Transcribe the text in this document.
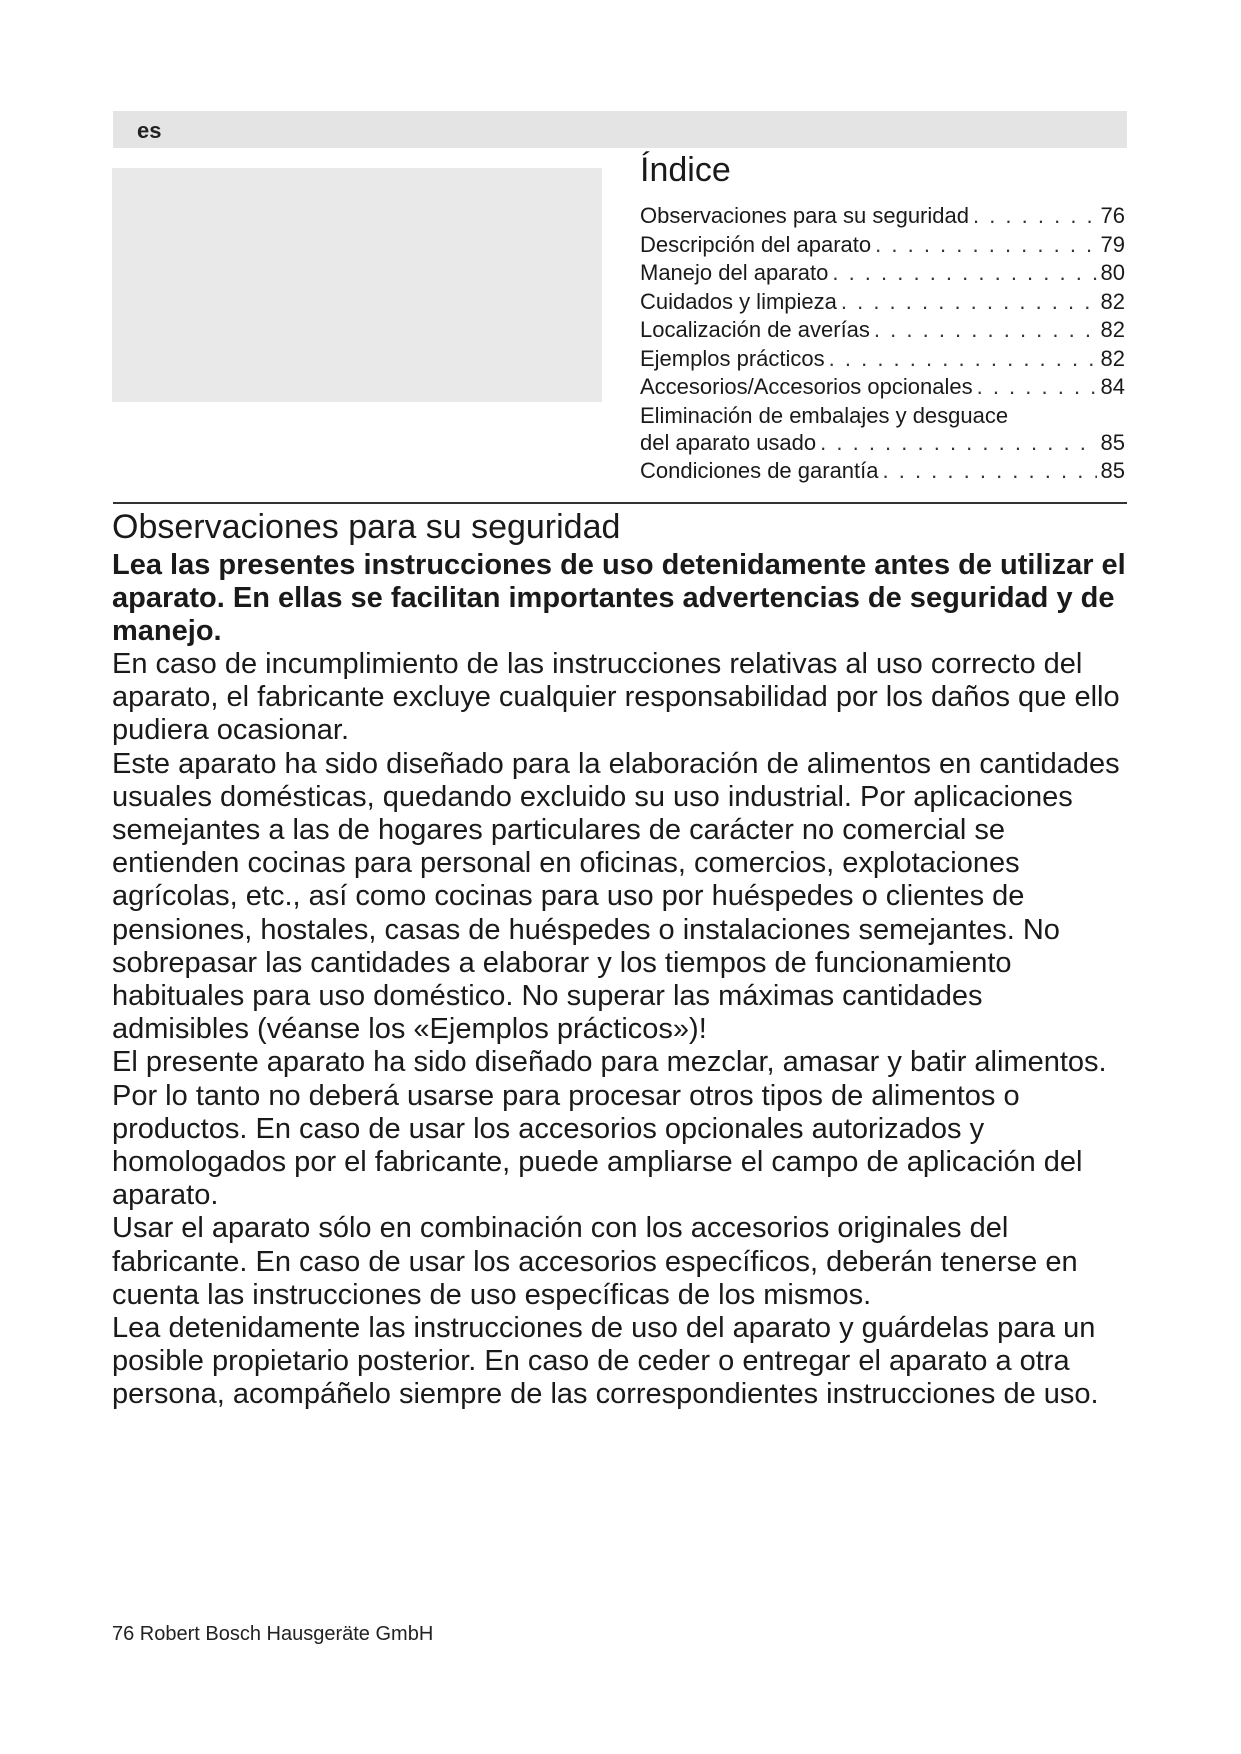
es
Índice
Observaciones para su seguridad . . .	76
Descripción del aparato . . .	79
Manejo del aparato . . .	80
Cuidados y limpieza . . .	82
Localización de averías . . .	82
Ejemplos prácticos . . .	82
Accesorios/Accesorios opcionales . . .	84
Eliminación de embalajes y desguace
del aparato usado . . .	85
Condiciones de garantía . . .	85
Observaciones para su seguridad

Lea las presentes instrucciones de uso detenidamente antes de utilizar el aparato. En ellas se facilitan importantes advertencias de seguridad y de manejo.

En caso de incumplimiento de las instrucciones relativas al uso correcto del aparato, el fabricante excluye cualquier responsabilidad por los daños que ello pudiera ocasionar.

Este aparato ha sido diseñado para la elaboración de alimentos en cantidades usuales domésticas, quedando excluido su uso industrial. Por aplicaciones semejantes a las de hogares particulares de carácter no comercial se entienden cocinas para personal en oficinas, comercios, explotaciones agrícolas, etc., así como cocinas para uso por huéspedes o clientes de pensiones, hostales, casas de huéspedes o instalaciones semejantes. No sobrepasar las cantidades a elaborar y los tiempos de funcionamiento habituales para uso doméstico. No superar las máximas cantidades admisibles (véanse los «Ejemplos prácticos»)!

El presente aparato ha sido diseñado para mezclar, amasar y batir alimentos. Por lo tanto no deberá usarse para procesar otros tipos de alimentos o productos. En caso de usar los accesorios opcionales autorizados y homologados por el fabricante, puede ampliarse el campo de aplicación del aparato.

Usar el aparato sólo en combinación con los accesorios originales del fabricante. En caso de usar los accesorios específicos, deberán tenerse en cuenta las instrucciones de uso específicas de los mismos.

Lea detenidamente las instrucciones de uso del aparato y guárdelas para un posible propietario posterior. En caso de ceder o entregar el aparato a otra persona, acompáñelo siempre de las correspondientes instrucciones de uso.

76 Robert Bosch Hausgeräte GmbH
